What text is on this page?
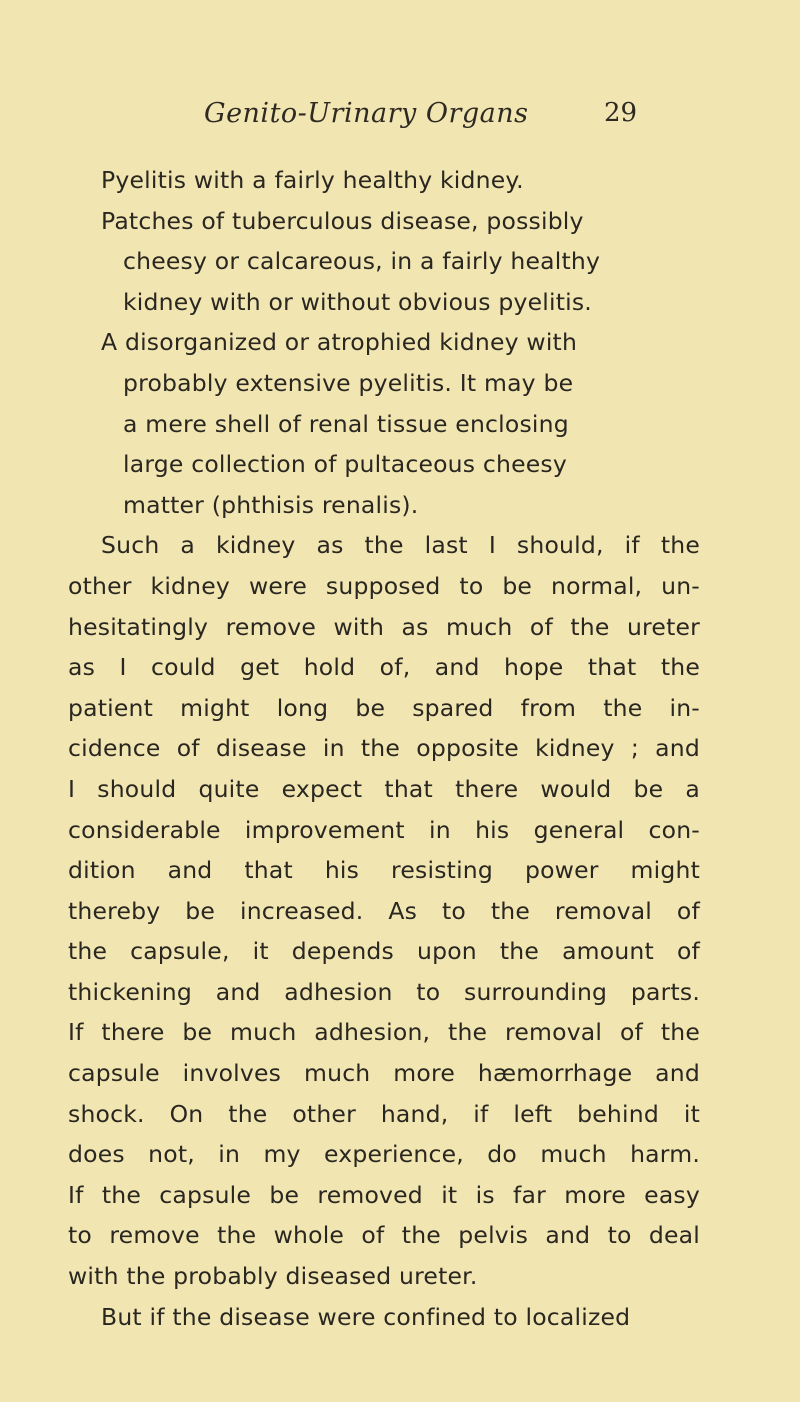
Genito-Urinary Organs	29
Pyelitis with a fairly healthy kidney.
Patches of tuberculous disease, possibly
cheesy or calcareous, in a fairly healthy
kidney with or without obvious pyelitis.
A disorganized or atrophied kidney with
probably extensive pyelitis. It may be
a mere shell of renal tissue enclosing
large collection of pultaceous cheesy
matter (phthisis renalis).
Such a kidney as the last I should, if the
other kidney were supposed to be normal, un-
hesitatingly remove with as much of the ureter
as I could get hold of, and hope that the
patient might long be spared from the in-
cidence of disease in the opposite kidney ; and
I should quite expect that there would be a
considerable improvement in his general con-
dition and that his resisting power might
thereby be increased. As to the removal of
the capsule, it depends upon the amount of
thickening and adhesion to surrounding parts.
If there be much adhesion, the removal of the
capsule involves much more hæmorrhage and
shock. On the other hand, if left behind it
does not, in my experience, do much harm.
If the capsule be removed it is far more easy
to remove the whole of the pelvis and to deal
with the probably diseased ureter.
But if the disease were confined to localized
